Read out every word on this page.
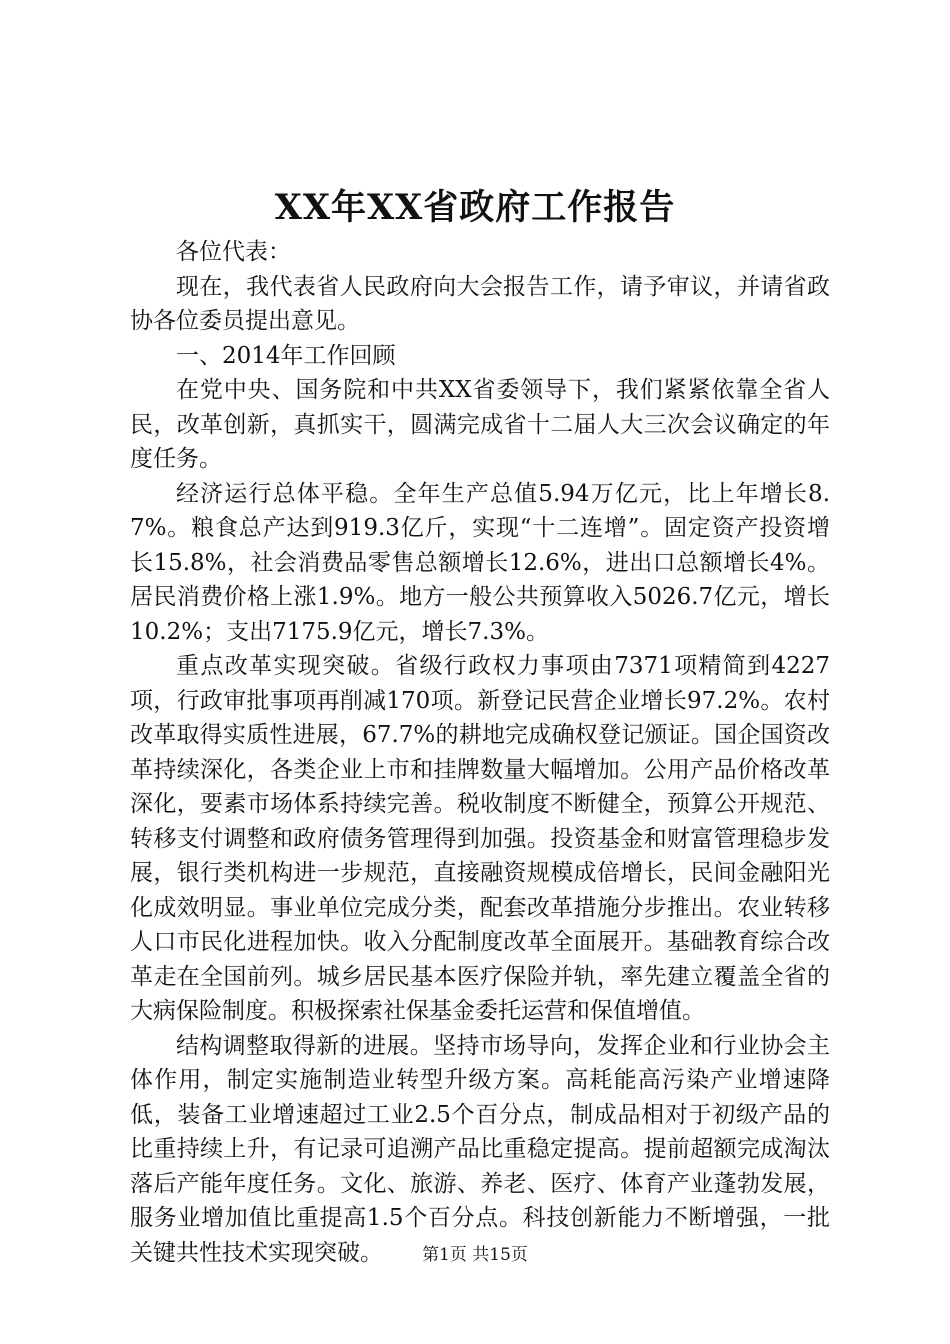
XX年XX省政府工作报告

各位代表：

现在，我代表省人民政府向大会报告工作，请予审议，并请省政协各位委员提出意见。

一、2014年工作回顾

在党中央、国务院和中共XX省委领导下，我们紧紧依靠全省人民，改革创新，真抓实干，圆满完成省十二届人大三次会议确定的年度任务。

经济运行总体平稳。全年生产总值5.94万亿元，比上年增长8.7%。粮食总产达到919.3亿斤，实现“十二连增”。固定资产投资增长15.8%，社会消费品零售总额增长12.6%，进出口总额增长4%。居民消费价格上涨1.9%。地方一般公共预算收入5026.7亿元，增长10.2%；支出7175.9亿元，增长7.3%。

重点改革实现突破。省级行政权力事项由7371项精简到4227项，行政审批事项再削减170项。新登记民营企业增长97.2%。农村改革取得实质性进展，67.7%的耕地完成确权登记颁证。国企国资改革持续深化，各类企业上市和挂牌数量大幅增加。公用产品价格改革深化，要素市场体系持续完善。税收制度不断健全，预算公开规范、转移支付调整和政府债务管理得到加强。投资基金和财富管理稳步发展，银行类机构进一步规范，直接融资规模成倍增长，民间金融阳光化成效明显。事业单位完成分类，配套改革措施分步推出。农业转移人口市民化进程加快。收入分配制度改革全面展开。基础教育综合改革走在全国前列。城乡居民基本医疗保险并轨，率先建立覆盖全省的大病保险制度。积极探索社保基金委托运营和保值增值。

结构调整取得新的进展。坚持市场导向，发挥企业和行业协会主体作用，制定实施制造业转型升级方案。高耗能高污染产业增速降低，装备工业增速超过工业2.5个百分点，制成品相对于初级产品的比重持续上升，有记录可追溯产品比重稳定提高。提前超额完成淘汰落后产能年度任务。文化、旅游、养老、医疗、体育产业蓬勃发展，服务业增加值比重提高1.5个百分点。科技创新能力不断增强，一批关键共性技术实现突破。	第1页 共15页
